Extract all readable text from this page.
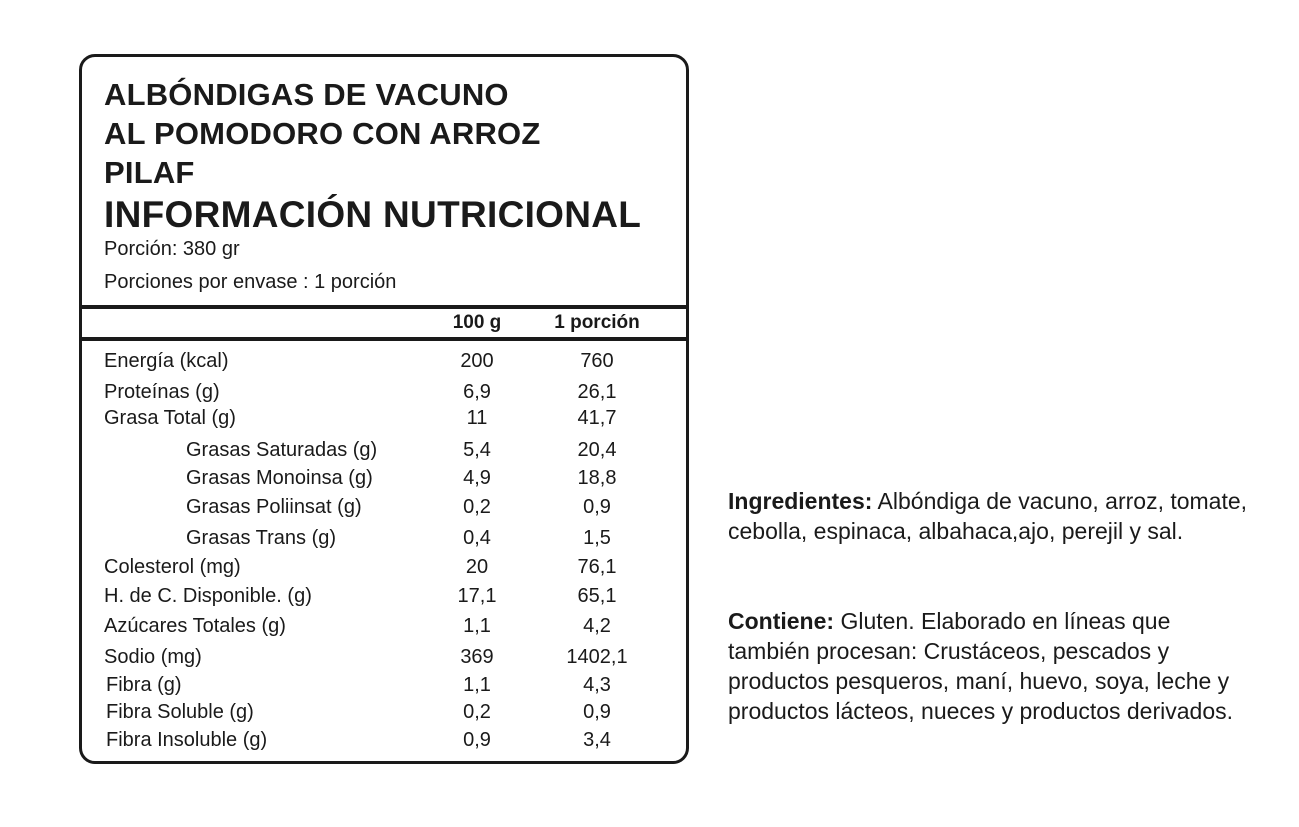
ALBÓNDIGAS DE VACUNO
AL POMODORO CON ARROZ
PILAF
INFORMACIÓN NUTRICIONAL
Porción: 380 gr
Porciones por envase : 1 porción
100 g	1 porción
Energía (kcal)	200	760
Proteínas (g)	6,9	26,1
Grasa Total (g)	11	41,7
Grasas Saturadas (g)	5,4	20,4
Grasas Monoinsa (g)	4,9	18,8
Grasas Poliinsat (g)	0,2	0,9
Grasas Trans (g)	0,4	1,5
Colesterol (mg)	20	76,1
H. de C. Disponible. (g)	17,1	65,1
Azúcares Totales (g)	1,1	4,2
Sodio (mg)	369	1402,1
Fibra (g)	1,1	4,3
Fibra Soluble (g)	0,2	0,9
Fibra Insoluble (g)	0,9	3,4

Ingredientes: Albóndiga de vacuno, arroz, tomate, cebolla, espinaca, albahaca,ajo, perejil y sal.

Contiene: Gluten. Elaborado en líneas que también procesan: Crustáceos, pescados y productos pesqueros, maní, huevo, soya, leche y productos lácteos, nueces y productos derivados.
